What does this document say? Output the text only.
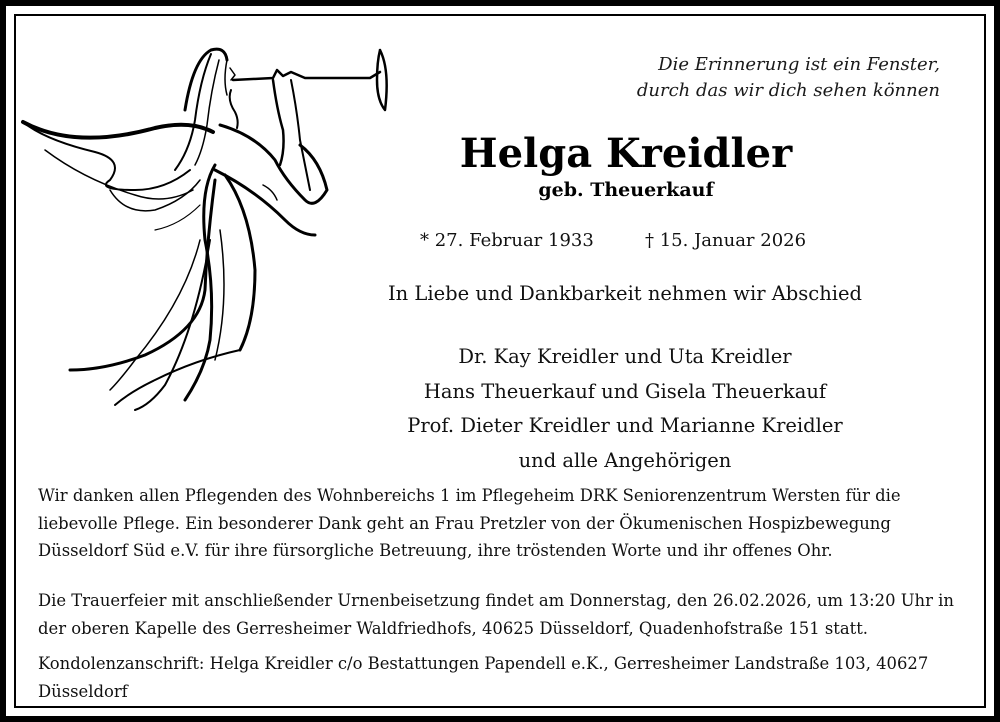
Die Erinnerung ist ein Fenster,
durch das wir dich sehen können
Helga Kreidler
geb. Theuerkauf
* 27. Februar 1933	† 15. Januar 2026
In Liebe und Dankbarkeit nehmen wir Abschied
Dr. Kay Kreidler und Uta Kreidler
Hans Theuerkauf und Gisela Theuerkauf
Prof. Dieter Kreidler und Marianne Kreidler
und alle Angehörigen
Wir danken allen Pflegenden des Wohnbereichs 1 im Pflegeheim DRK Seniorenzentrum Wersten für die
liebevolle Pflege. Ein besonderer Dank geht an Frau Pretzler von der Ökumenischen Hospizbewegung
Düsseldorf Süd e.V. für ihre fürsorgliche Betreuung, ihre tröstenden Worte und ihr offenes Ohr.
Die Trauerfeier mit anschließender Urnenbeisetzung findet am Donnerstag, den 26.02.2026, um 13:20 Uhr in
der oberen Kapelle des Gerresheimer Waldfriedhofs, 40625 Düsseldorf, Quadenhofstraße 151 statt.
Kondolenzanschrift: Helga Kreidler c/o Bestattungen Papendell e.K., Gerresheimer Landstraße 103, 40627
Düsseldorf
